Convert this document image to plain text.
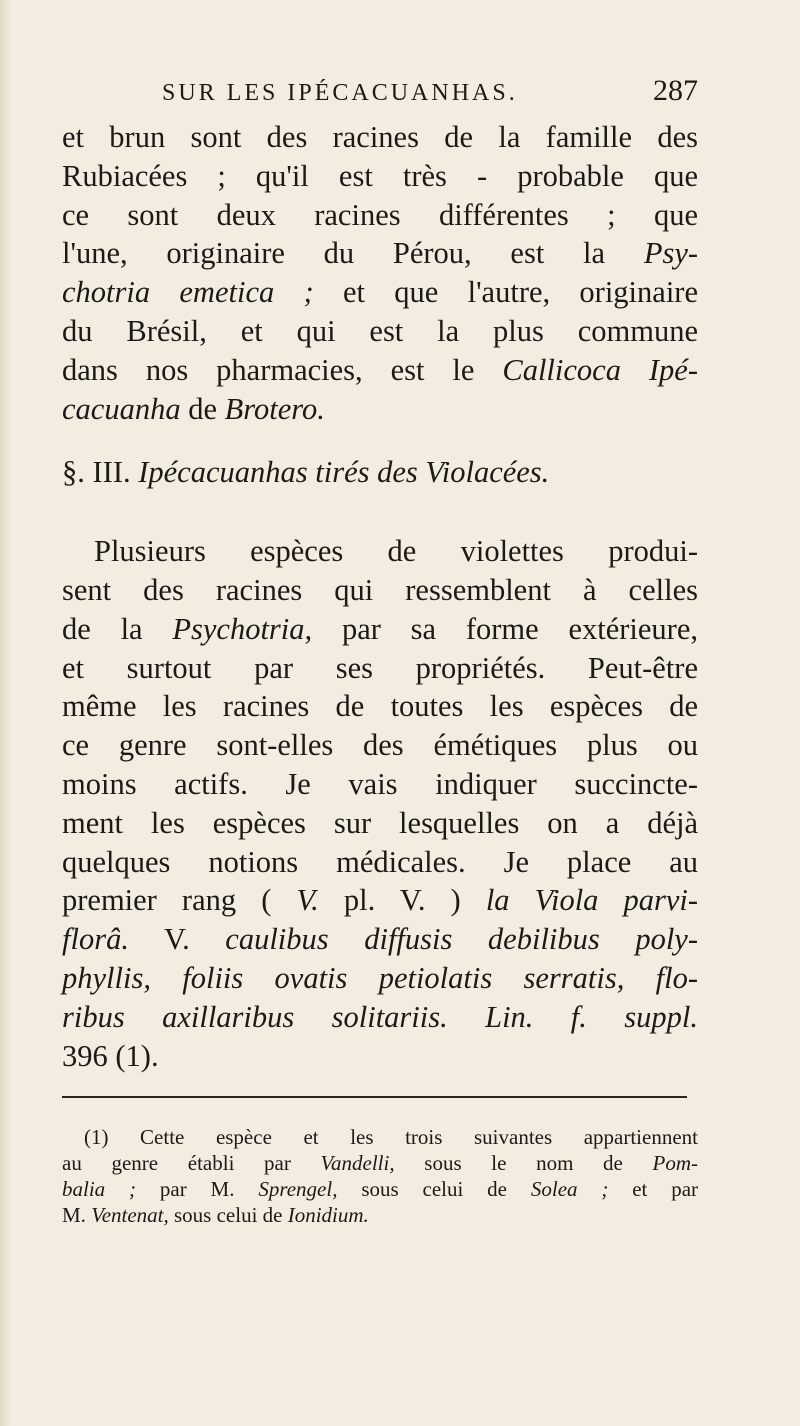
SUR LES IPÉCACUANHAS.	287
et brun sont des racines de la famille des
Rubiacées ; qu'il est très - probable que
ce sont deux racines différentes ; que
l'une, originaire du Pérou, est la Psy-
chotria emetica ; et que l'autre, originaire
du Brésil, et qui est la plus commune
dans nos pharmacies, est le Callicoca Ipé-
cacuanha de Brotero.
§. III. Ipécacuanhas tirés des Violacées.
Plusieurs espèces de violettes produi-
sent des racines qui ressemblent à celles
de la Psychotria, par sa forme extérieure,
et surtout par ses propriétés. Peut-être
même les racines de toutes les espèces de
ce genre sont-elles des émétiques plus ou
moins actifs. Je vais indiquer succincte-
ment les espèces sur lesquelles on a déjà
quelques notions médicales. Je place au
premier rang ( V. pl. V. ) la Viola parvi-
florâ. V. caulibus diffusis debilibus poly-
phyllis, foliis ovatis petiolatis serratis, flo-
ribus axillaribus solitariis. Lin. f. suppl.
396 (1).
(1) Cette espèce et les trois suivantes appartiennent
au genre établi par Vandelli, sous le nom de Pom-
balia ; par M. Sprengel, sous celui de Solea ; et par
M. Ventenat, sous celui de Ionidium.
